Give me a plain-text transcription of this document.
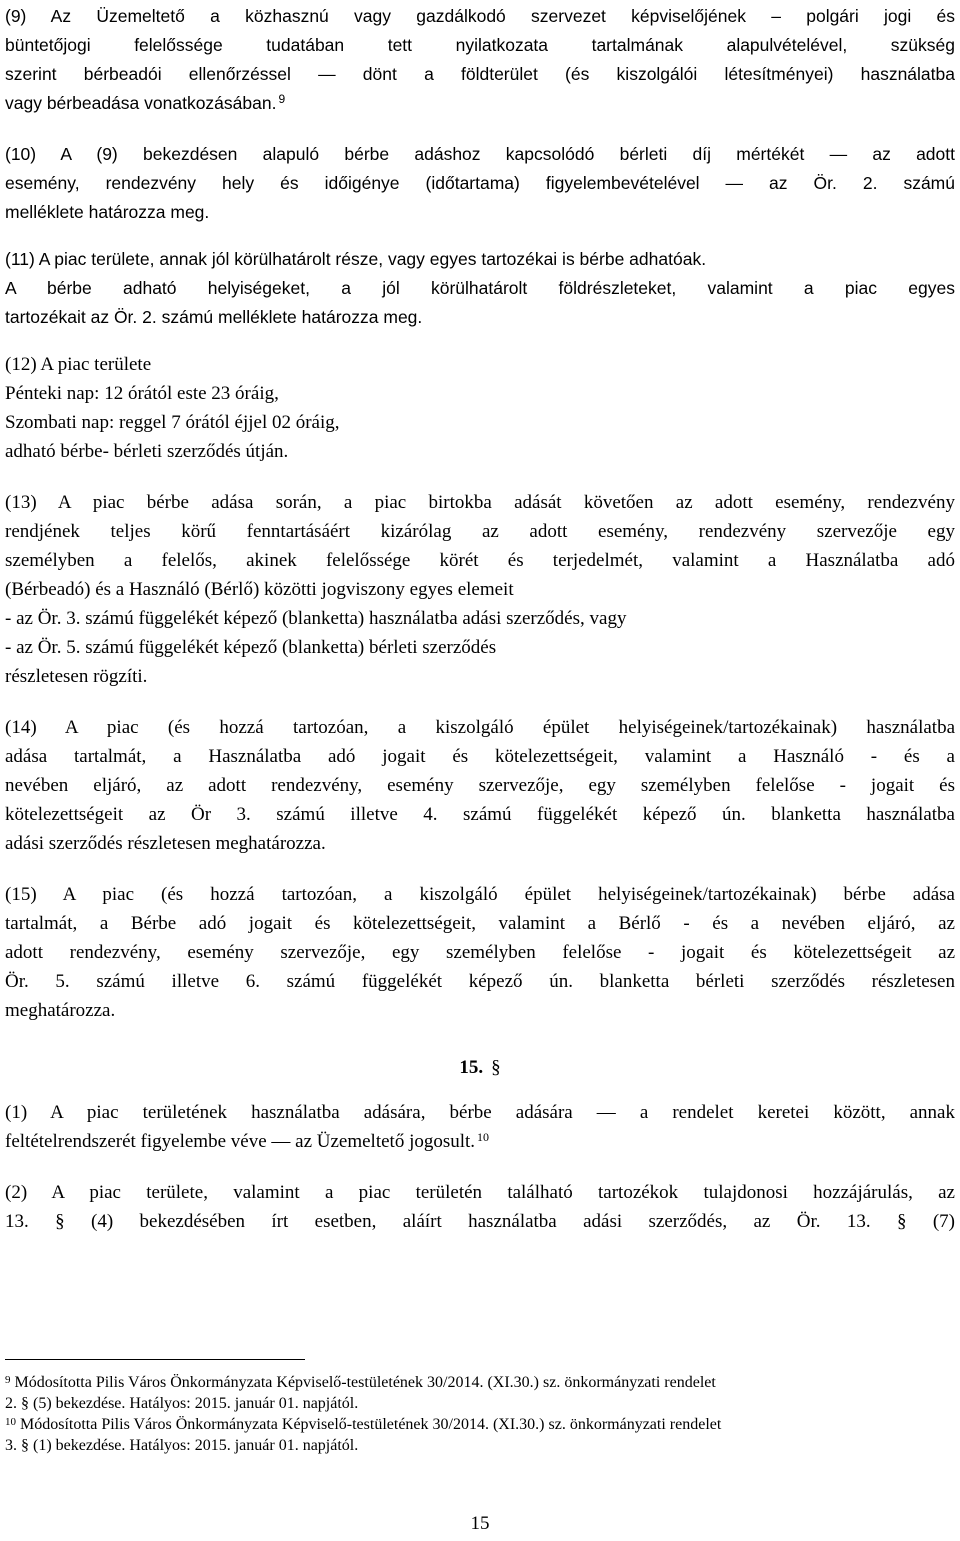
(9) Az Üzemeltető a közhasznú vagy gazdálkodó szervezet képviselőjének – polgári jogi és
büntetőjogi felelőssége tudatában tett nyilatkozata tartalmának alapulvételével, szükség
szerint bérbeadói ellenőrzéssel — dönt a földterület (és kiszolgálói létesítményei) használatba
vagy bérbeadása vonatkozásában. $^9$

(10) A (9) bekezdésen alapuló bérbe adáshoz kapcsolódó bérleti díj mértékét — az adott
esemény, rendezvény hely és időigénye (időtartama) figyelembevételével — az Ör. 2. számú
melléklete határozza meg.

(11) A piac területe, annak jól körülhatárolt része, vagy egyes tartozékai is bérbe adhatóak.
A bérbe adható helyiségeket, a jól körülhatárolt földrészleteket, valamint a piac egyes
tartozékait az Ör. 2. számú melléklete határozza meg.

(12) A piac területe
Pénteki nap: 12 órától este 23 óráig,
Szombati nap: reggel 7 órától éjjel 02 óráig,
adható bérbe- bérleti szerződés útján.

(13) A piac bérbe adása során, a piac birtokba adását követően az adott esemény, rendezvény
rendjének teljes körű fenntartásáért kizárólag az adott esemény, rendezvény szervezője egy
személyben a felelős, akinek felelőssége körét és terjedelmét, valamint a Használatba adó
(Bérbeadó) és a Használó (Bérlő) közötti jogviszony egyes elemeit
- az Ör. 3. számú függelékét képező (blanketta) használatba adási szerződés, vagy
- az Ör. 5. számú függelékét képező (blanketta) bérleti szerződés
részletesen rögzíti.

(14) A piac (és hozzá tartozóan, a kiszolgáló épület helyiségeinek/tartozékainak) használatba
adása tartalmát, a Használatba adó jogait és kötelezettségeit, valamint a Használó - és a
nevében eljáró, az adott rendezvény, esemény szervezője, egy személyben felelőse - jogait és
kötelezettségeit az Ör 3. számú illetve 4. számú függelékét képező ún. blanketta használatba
adási szerződés részletesen meghatározza.

(15) A piac (és hozzá tartozóan, a kiszolgáló épület helyiségeinek/tartozékainak) bérbe adása
tartalmát, a Bérbe adó jogait és kötelezettségeit, valamint a Bérlő - és a nevében eljáró, az
adott rendezvény, esemény szervezője, egy személyben felelőse - jogait és kötelezettségeit az
Ör. 5. számú illetve 6. számú függelékét képező ún. blanketta bérleti szerződés részletesen
meghatározza.

15. §

(1) A piac területének használatba adására, bérbe adására — a rendelet keretei között, annak
feltételrendszerét figyelembe véve — az Üzemeltető jogosult. $^{10}$

(2) A piac területe, valamint a piac területén található tartozékok tulajdonosi hozzájárulás, az
13. § (4) bekezdésében írt esetben, aláírt használatba adási szerződés, az Ör. 13. § (7)

$^9$ Módosította Pilis Város Önkormányzata Képviselő-testületének 30/2014. (XI.30.) sz. önkormányzati rendelet

2. § (5) bekezdése. Hatályos: 2015. január 01. napjától.

$^{10}$ Módosította Pilis Város Önkormányzata Képviselő-testületének 30/2014. (XI.30.) sz. önkormányzati rendelet

3. § (1) bekezdése. Hatályos: 2015. január 01. napjától.

15
